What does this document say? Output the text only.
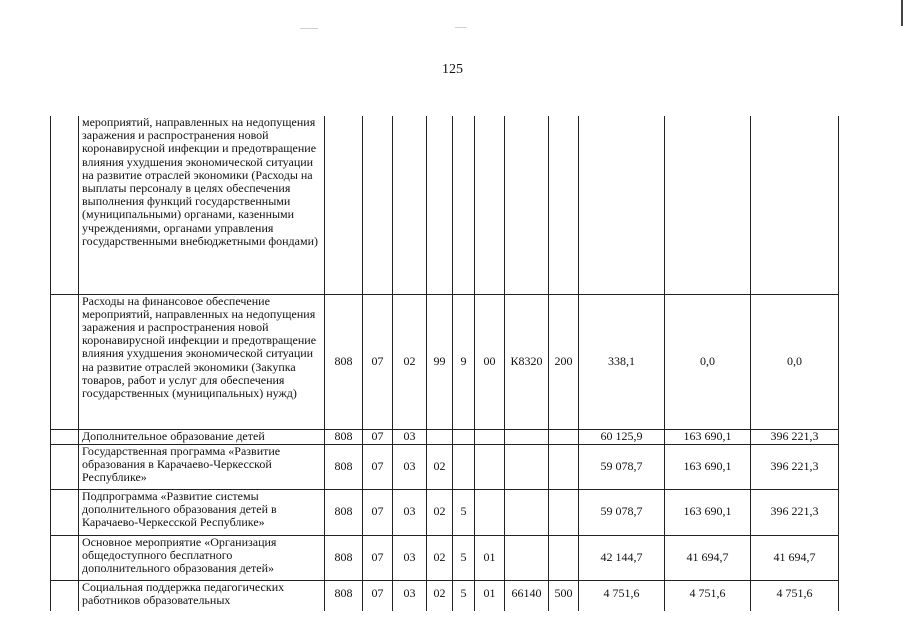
125
	мероприятий, направленных на недопущения заражения и распространения новой коронавирусной инфекции и предотвращение влияния ухудшения экономической ситуации на развитие отраслей экономики (Расходы на выплаты персоналу в целях обеспечения выполнения функций государственными (муниципальными) органами, казенными учреждениями, органами управления государственными внебюджетными фондами)											
	Расходы на финансовое обеспечение мероприятий, направленных на недопущения заражения и распространения новой коронавирусной инфекции и предотвращение влияния ухудшения экономической ситуации на развитие отраслей экономики (Закупка товаров, работ и услуг для обеспечения государственных (муниципальных) нужд)	808	07	02	99	9	00	К8320	200	338,1	0,0	0,0
	Дополнительное образование детей	808	07	03						60 125,9	163 690,1	396 221,3
	Государственная программа «Развитие образования в Карачаево-Черкесской Республике»	808	07	03	02					59 078,7	163 690,1	396 221,3
	Подпрограмма «Развитие системы дополнительного образования детей в Карачаево-Черкесской Республике»	808	07	03	02	5				59 078,7	163 690,1	396 221,3
	Основное мероприятие «Организация общедоступного бесплатного дополнительного образования детей»	808	07	03	02	5	01			42 144,7	41 694,7	41 694,7
	Социальная поддержка педагогических работников образовательных	808	07	03	02	5	01	66140	500	4 751,6	4 751,6	4 751,6
